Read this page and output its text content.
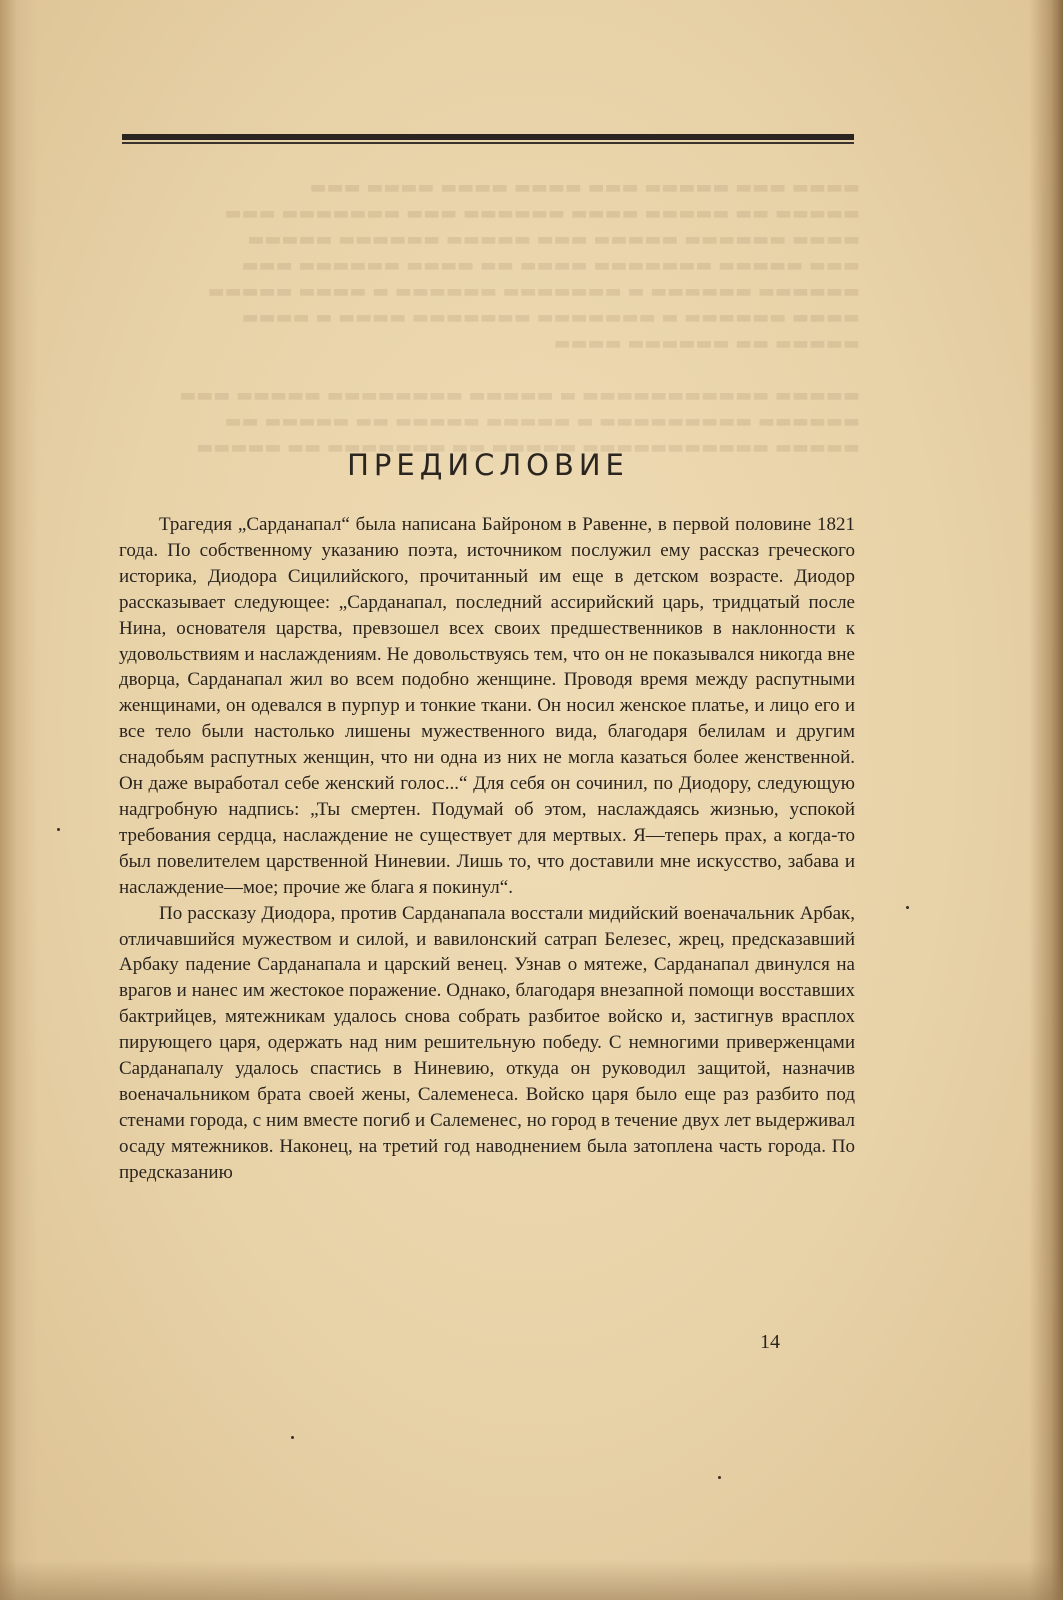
▬▬▬▬ ▬▬▬ ▬▬▬▬▬ ▬▬▬ ▬▬▬▬ ▬▬▬▬ ▬▬▬▬ ▬▬▬
▬▬▬▬▬ ▬▬ ▬▬▬▬▬ ▬▬▬▬ ▬▬▬▬▬▬ ▬▬▬ ▬▬▬▬▬▬▬ ▬▬▬
▬▬▬▬ ▬▬▬▬▬▬ ▬▬▬▬▬ ▬▬▬ ▬▬▬▬▬ ▬▬▬▬▬▬ ▬▬▬▬▬
▬▬▬ ▬▬▬▬▬ ▬▬▬▬▬▬▬ ▬▬▬▬ ▬▬ ▬▬▬▬ ▬▬▬▬▬▬ ▬▬▬
▬▬▬▬▬▬ ▬▬▬▬▬▬ ▬ ▬▬▬▬▬▬▬ ▬▬▬▬▬▬ ▬ ▬▬▬▬ ▬▬▬▬▬
▬▬▬▬ ▬▬▬▬▬▬ ▬ ▬▬▬▬▬▬▬ ▬▬▬▬▬▬▬ ▬▬▬▬ ▬ ▬▬▬▬
▬▬▬▬▬ ▬▬ ▬▬▬▬▬▬ ▬▬▬▬

▬▬▬▬▬ ▬▬▬▬▬▬▬▬▬▬▬ ▬ ▬▬▬▬▬ ▬▬▬▬▬▬▬▬ ▬▬▬▬▬ ▬▬▬
▬▬▬▬▬▬ ▬▬▬▬▬▬▬▬▬ ▬ ▬▬▬▬▬ ▬▬▬▬▬ ▬▬ ▬▬▬▬▬ ▬▬
▬▬▬▬▬ ▬▬▬▬▬▬▬▬▬▬▬ ▬▬▬▬▬ ▬▬ ▬▬▬▬▬▬▬ ▬▬ ▬▬▬▬▬
ПРЕДИСЛОВИЕ

Трагедия „Сарданапал“ была написана Байроном в Равенне, в первой половине 1821 года. По собственному указанию поэта, источником послужил ему рассказ греческого историка, Диодора Сицилийского, прочитанный им еще в детском возрасте. Диодор рассказывает следующее: „Сарданапал, последний ассирийский царь, тридцатый после Нина, основателя царства, превзошел всех своих предшественников в наклонности к удовольствиям и наслаждениям. Не довольствуясь тем, что он не показывался никогда вне дворца, Сарданапал жил во всем подобно женщине. Проводя время между распутными женщинами, он одевался в пурпур и тонкие ткани. Он носил женское платье, и лицо его и все тело были настолько лишены мужественного вида, благодаря белилам и другим снадобьям распутных женщин, что ни одна из них не могла казаться более женственной. Он даже выработал себе женский голос...“ Для себя он сочинил, по Диодору, следующую надгробную надпись: „Ты смертен. Подумай об этом, наслаждаясь жизнью, успокой требования сердца, наслаждение не существует для мертвых. Я—теперь прах, а когда-то был повелителем царственной Ниневии. Лишь то, что доставили мне искусство, забава и наслаждение—мое; прочие же блага я покинул“.

По рассказу Диодора, против Сарданапала восстали мидийский военачальник Арбак, отличавшийся мужеством и силой, и вавилонский сатрап Белезес, жрец, предсказавший Арбаку падение Сарданапала и царский венец. Узнав о мятеже, Сарданапал двинулся на врагов и нанес им жестокое поражение. Однако, благодаря внезапной помощи восставших бактрийцев, мятежникам удалось снова собрать разбитое войско и, застигнув врасплох пирующего царя, одержать над ним решительную победу. С немногими приверженцами Сарданапалу удалось спастись в Ниневию, откуда он руководил защитой, назначив военачальником брата своей жены, Салеменеса. Войско царя было еще раз разбито под стенами города, с ним вместе погиб и Салеменес, но город в течение двух лет выдерживал осаду мятежников. Наконец, на третий год наводнением была затоплена часть города. По предсказанию

14
